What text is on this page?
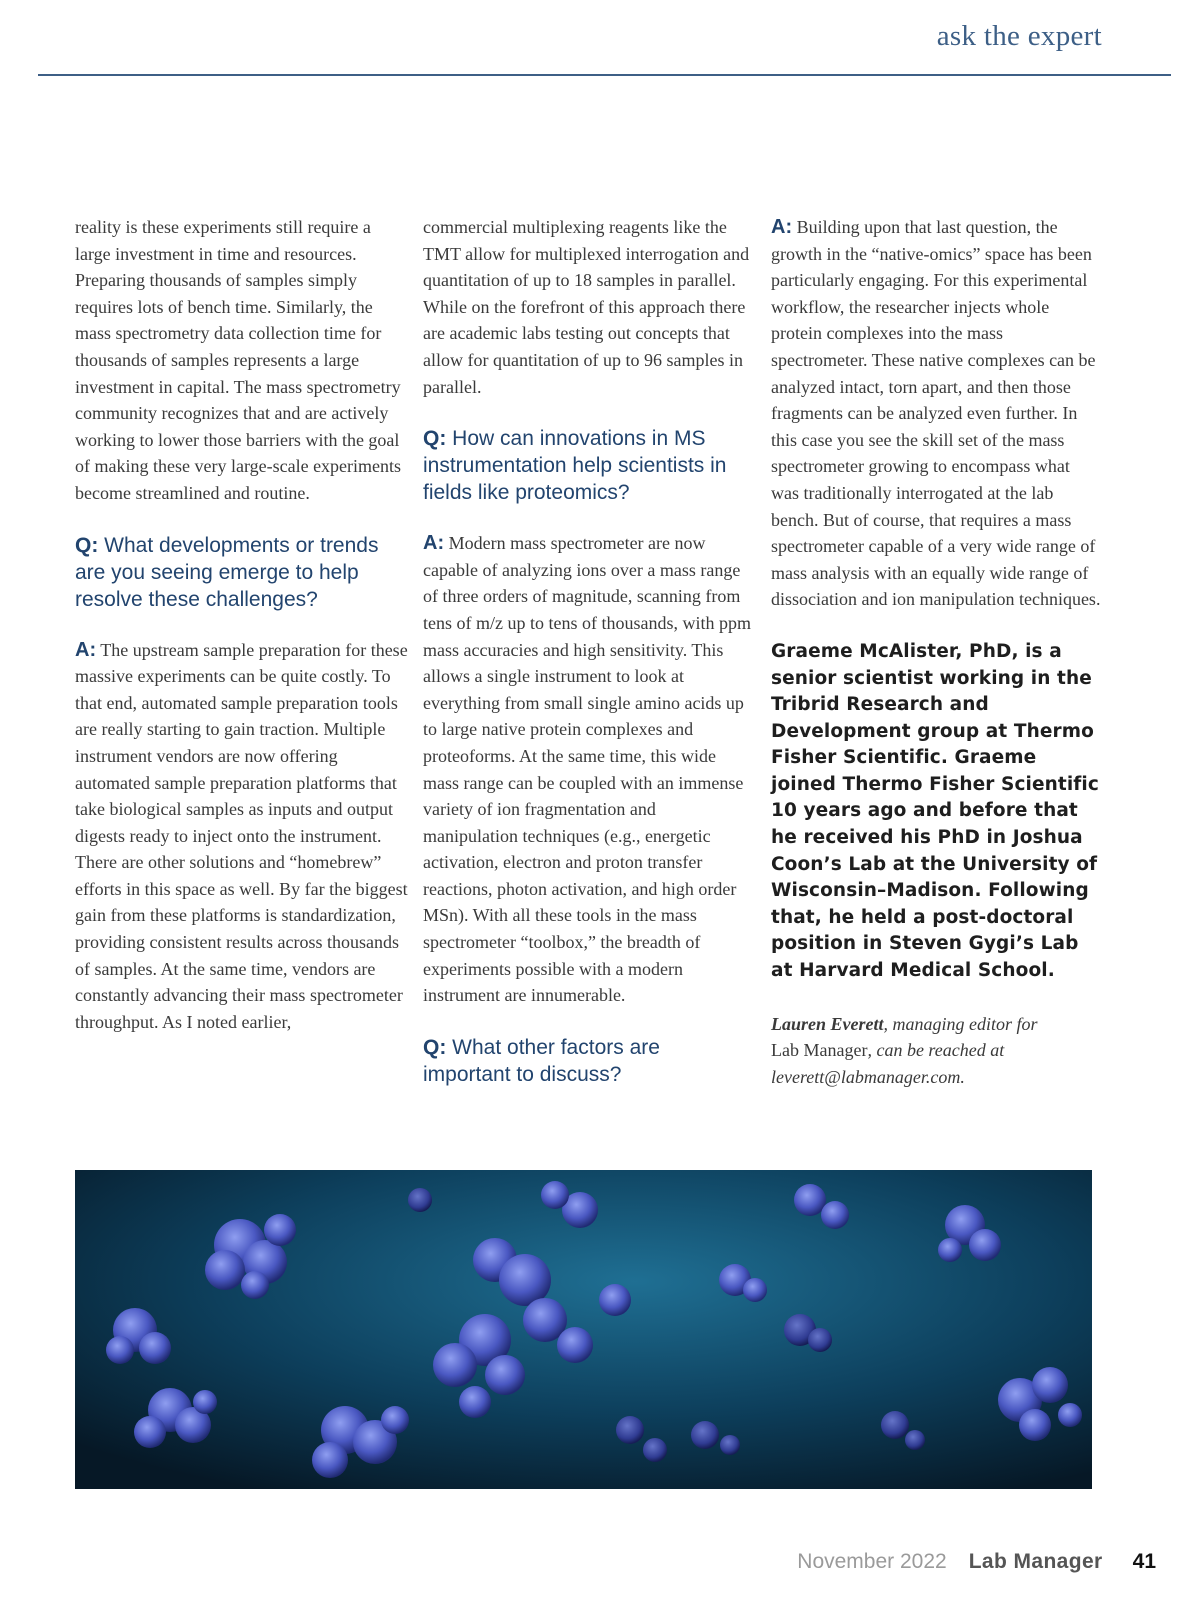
ask the expert

reality is these experiments still require a large investment in time and resources. Preparing thousands of samples simply requires lots of bench time. Similarly, the mass spectrometry data collection time for thousands of samples represents a large investment in capital. The mass spectrometry community recognizes that and are actively working to lower those barriers with the goal of making these very large-scale experiments become streamlined and routine.

Q: What developments or trends are you seeing emerge to help resolve these challenges?

A: The upstream sample preparation for these massive experiments can be quite costly. To that end, automated sample preparation tools are really starting to gain traction. Multiple instrument vendors are now offering automated sample preparation platforms that take biological samples as inputs and output digests ready to inject onto the instrument. There are other solutions and “homebrew” efforts in this space as well. By far the biggest gain from these platforms is standardization, providing consistent results across thousands of samples. At the same time, vendors are constantly advancing their mass spectrometer throughput. As I noted earlier,

commercial multiplexing reagents like the TMT allow for multiplexed interrogation and quantitation of up to 18 samples in parallel. While on the forefront of this approach there are academic labs testing out concepts that allow for quantitation of up to 96 samples in parallel.

Q: How can innovations in MS instrumentation help scientists in fields like proteomics?

A: Modern mass spectrometer are now capable of analyzing ions over a mass range of three orders of magnitude, scanning from tens of m/z up to tens of thousands, with ppm mass accuracies and high sensitivity. This allows a single instrument to look at everything from small single amino acids up to large native protein complexes and proteoforms. At the same time, this wide mass range can be coupled with an immense variety of ion fragmentation and manipulation techniques (e.g., energetic activation, electron and proton transfer reactions, photon activation, and high order MSn). With all these tools in the mass spectrometer “toolbox,” the breadth of experiments possible with a modern instrument are innumerable.

Q: What other factors are important to discuss?

A: Building upon that last question, the growth in the “native-omics” space has been particularly engaging. For this experimental workflow, the researcher injects whole protein complexes into the mass spectrometer. These native complexes can be analyzed intact, torn apart, and then those fragments can be analyzed even further. In this case you see the skill set of the mass spectrometer growing to encompass what was traditionally interrogated at the lab bench. But of course, that requires a mass spectrometer capable of a very wide range of mass analysis with an equally wide range of dissociation and ion manipulation techniques.

Graeme McAlister, PhD, is a senior scientist working in the Tribrid Research and Development group at Thermo Fisher Scientific. Graeme joined Thermo Fisher Scientific 10 years ago and before that he received his PhD in Joshua Coon’s Lab at the University of Wisconsin–Madison. Following that, he held a post-doctoral position in Steven Gygi’s Lab at Harvard Medical School.

Lauren Everett, managing editor for
Lab Manager, can be reached at
leverett@labmanager.com.

November 2022 Lab Manager 41
